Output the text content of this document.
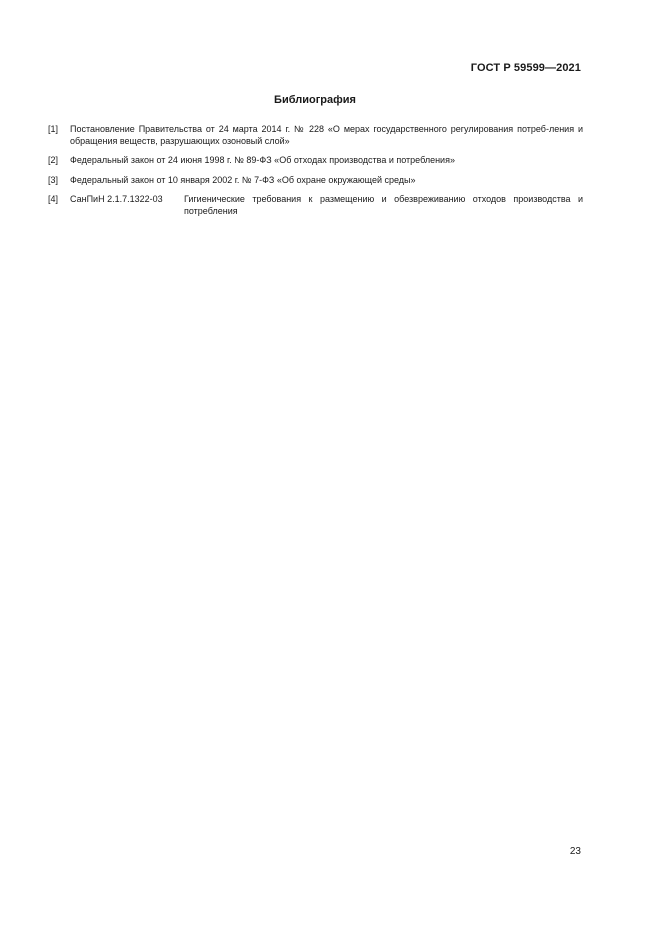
ГОСТ Р 59599—2021
Библиография
[1] Постановление Правительства от 24 марта 2014 г. № 228 «О мерах государственного регулирования потреб-ления и обращения веществ, разрушающих озоновый слой»
[2] Федеральный закон от 24 июня 1998 г. № 89-ФЗ «Об отходах производства и потребления»
[3] Федеральный закон от 10 января 2002 г. № 7-ФЗ «Об охране окружающей среды»
[4] СанПиН 2.1.7.1322-03	Гигиенические требования к размещению и обезвреживанию отходов производства и потребления
23
